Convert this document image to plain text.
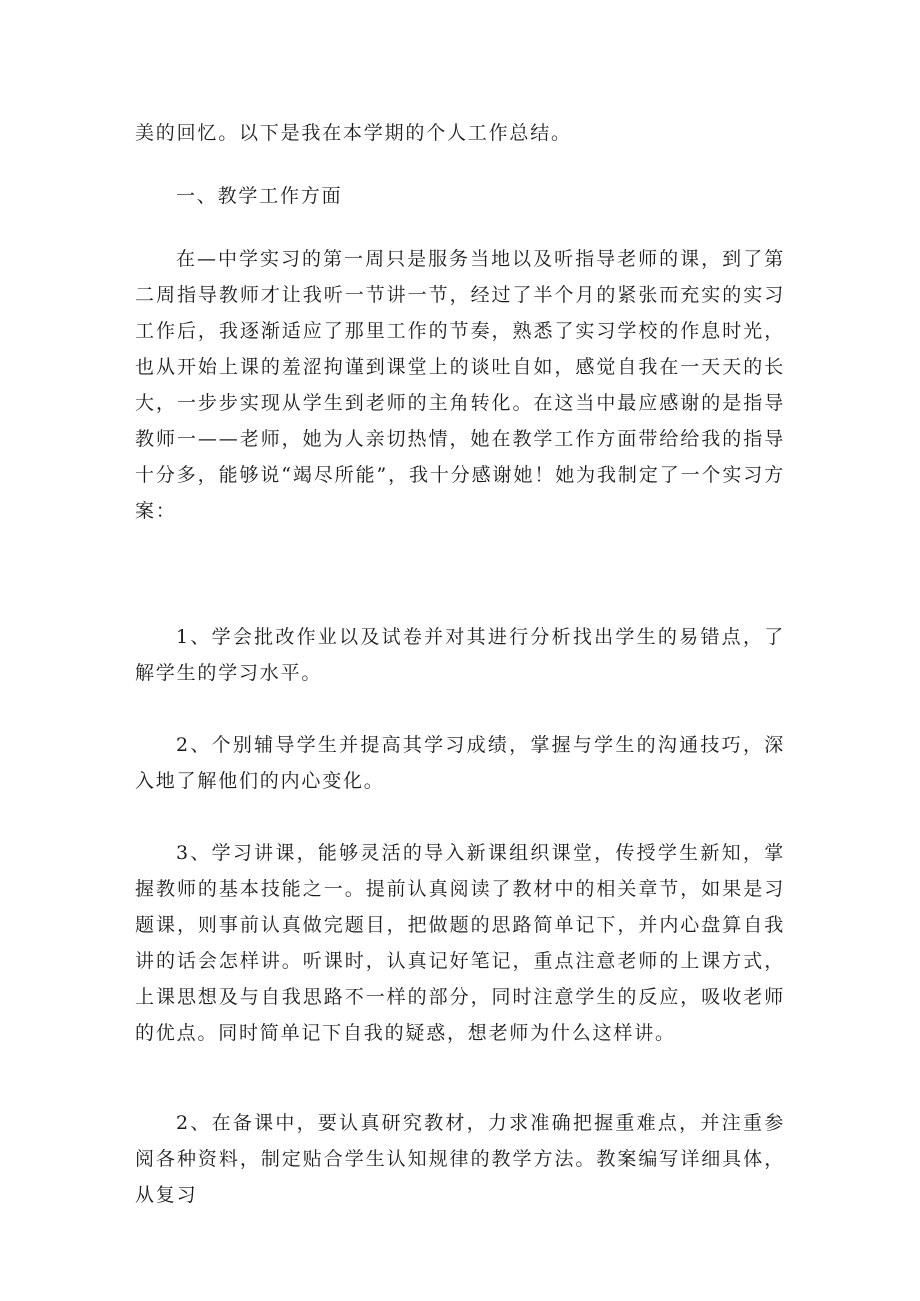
美的回忆。以下是我在本学期的个人工作总结。

一、教学工作方面

在—中学实习的第一周只是服务当地以及听指导老师的课，到了第二周指导教师才让我听一节讲一节，经过了半个月的紧张而充实的实习工作后，我逐渐适应了那里工作的节奏，熟悉了实习学校的作息时光，也从开始上课的羞涩拘谨到课堂上的谈吐自如，感觉自我在一天天的长大，一步步实现从学生到老师的主角转化。在这当中最应感谢的是指导教师一——老师，她为人亲切热情，她在教学工作方面带给给我的指导十分多，能够说“竭尽所能”，我十分感谢她！她为我制定了一个实习方案：

1、学会批改作业以及试卷并对其进行分析找出学生的易错点，了解学生的学习水平。

2、个别辅导学生并提高其学习成绩，掌握与学生的沟通技巧，深入地了解他们的内心变化。

3、学习讲课，能够灵活的导入新课组织课堂，传授学生新知，掌握教师的基本技能之一。提前认真阅读了教材中的相关章节，如果是习题课，则事前认真做完题目，把做题的思路简单记下，并内心盘算自我讲的话会怎样讲。听课时，认真记好笔记，重点注意老师的上课方式，上课思想及与自我思路不一样的部分，同时注意学生的反应，吸收老师的优点。同时简单记下自我的疑惑，想老师为什么这样讲。

2、在备课中，要认真研究教材，力求准确把握重难点，并注重参阅各种资料，制定贴合学生认知规律的教学方法。教案编写详细具体，从复习
